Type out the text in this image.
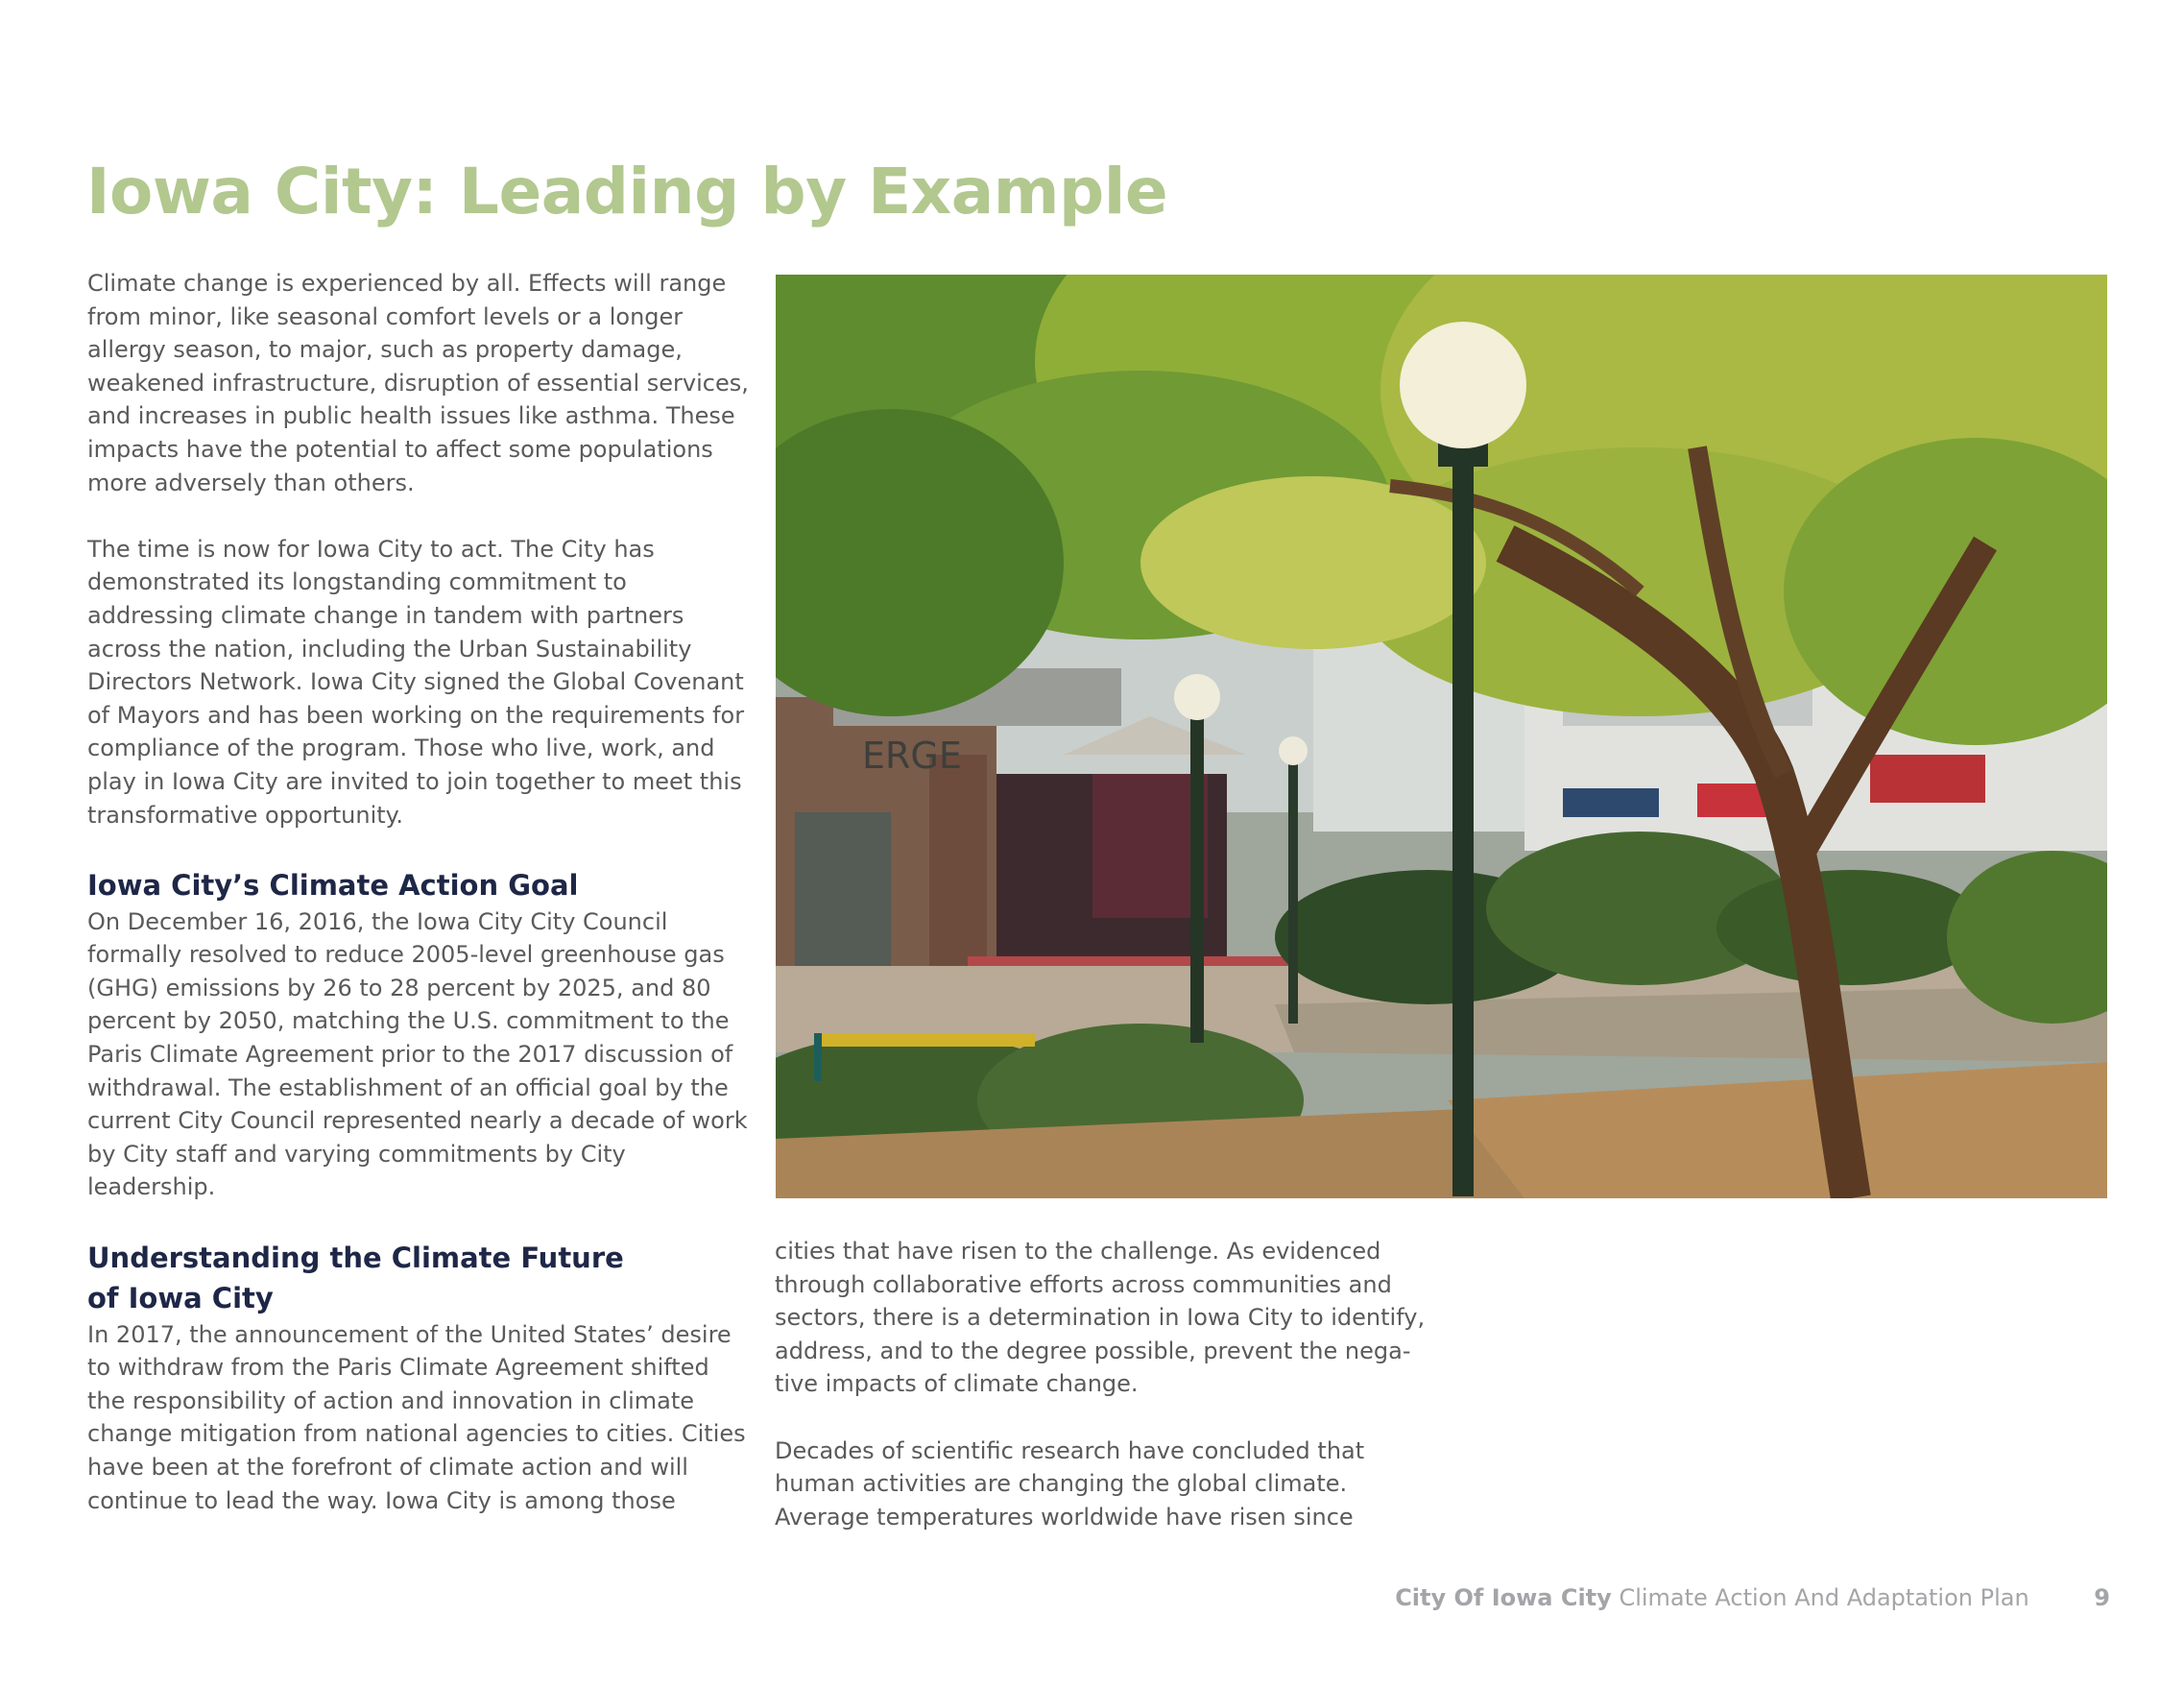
Iowa City: Leading by Example

Climate change is experienced by all. Effects will range from minor, like seasonal comfort levels or a longer allergy season, to major, such as property damage, weakened infrastructure, disruption of essential services, and increases in public health issues like asthma. These impacts have the potential to affect some populations more adversely than others.

The time is now for Iowa City to act. The City has demonstrated its longstanding commitment to addressing climate change in tandem with partners across the nation, including the Urban Sustainability Directors Network. Iowa City signed the Global Covenant of Mayors and has been working on the requirements for compliance of the program. Those who live, work, and play in Iowa City are invited to join together to meet this transformative opportunity.

Iowa City’s Climate Action Goal

On December 16, 2016, the Iowa City City Council formally resolved to reduce 2005-level greenhouse gas (GHG) emissions by 26 to 28 percent by 2025, and 80 percent by 2050, matching the U.S. commitment to the Paris Climate Agreement prior to the 2017 discussion of withdrawal. The establishment of an official goal by the current City Council represented nearly a decade of work by City staff and varying commitments by City leadership.

Understanding the Climate Future of Iowa City

In 2017, the announcement of the United States’ desire to withdraw from the Paris Climate Agreement shifted the responsibility of action and innovation in climate change mitigation from national agencies to cities. Cities have been at the forefront of climate action and will continue to lead the way. Iowa City is among those

ERGE

cities that have risen to the challenge. As evidenced through collaborative efforts across communities and sectors, there is a determination in Iowa City to identify, address, and to the degree possible, prevent the nega-tive impacts of climate change.

Decades of scientific research have concluded that human activities are changing the global climate. Average temperatures worldwide have risen since

City Of Iowa City Climate Action And Adaptation Plan	9
